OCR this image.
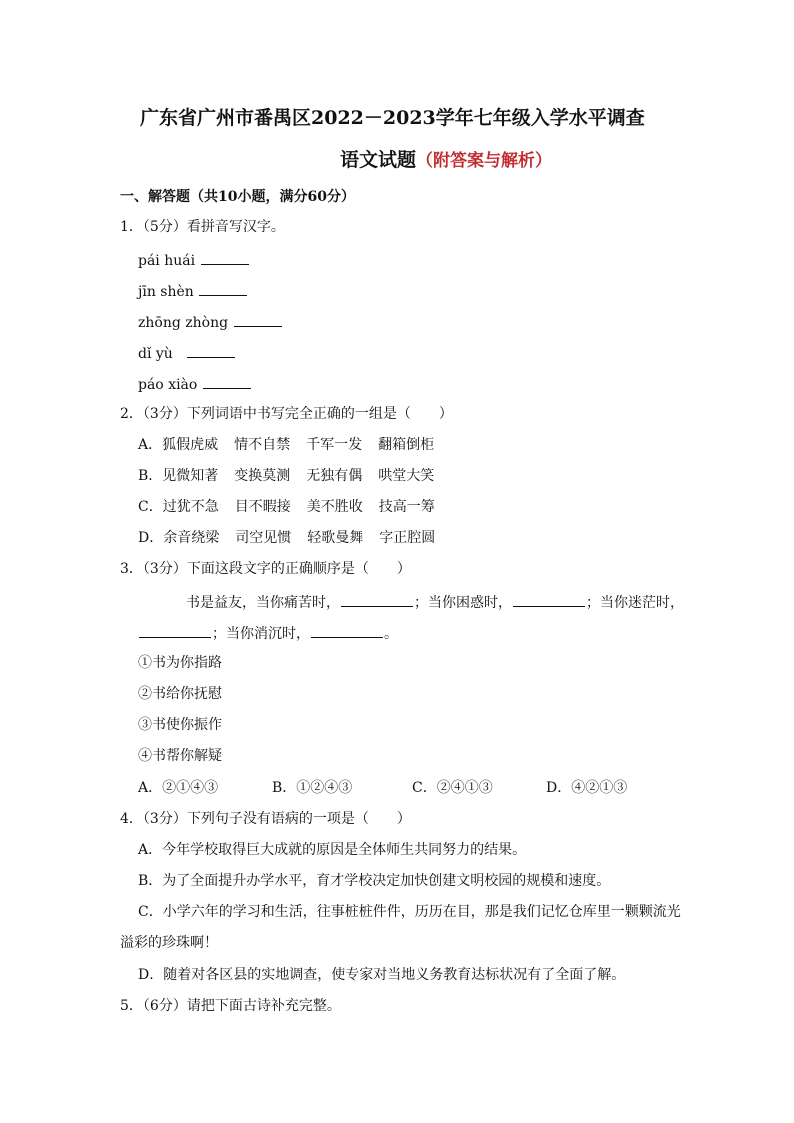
广东省广州市番禺区2022－2023学年七年级入学水平调查
语文试题（附答案与解析）
一、解答题（共10小题，满分60分）
1．（5分）看拼音写汉字。
pái huái
jīn shèn
zhōng zhòng
dǐ yù
páo xiào
2．（3分）下列词语中书写完全正确的一组是（　　）
A．狐假虎威 情不自禁 千军一发 翻箱倒柜
B．见微知著 变换莫测 无独有偶 哄堂大笑
C．过犹不急 目不暇接 美不胜收 技高一筹
D．余音绕梁 司空见惯 轻歌曼舞 字正腔圆
3．（3分）下面这段文字的正确顺序是（　　）
书是益友，当你痛苦时，	；当你困惑时，	；当你迷茫时，
；当你消沉时，	。
①书为你指路
②书给你抚慰
③书使你振作
④书帮你解疑
A．②①④③	B．①②④③	C．②④①③	D．④②①③
4．（3分）下列句子没有语病的一项是（　　）
A．今年学校取得巨大成就的原因是全体师生共同努力的结果。
B．为了全面提升办学水平，育才学校决定加快创建文明校园的规模和速度。
C．小学六年的学习和生活，往事桩桩件件，历历在目，那是我们记忆仓库里一颗颗流光
溢彩的珍珠啊！
D．随着对各区县的实地调查，使专家对当地义务教育达标状况有了全面了解。
5．（6分）请把下面古诗补充完整。
